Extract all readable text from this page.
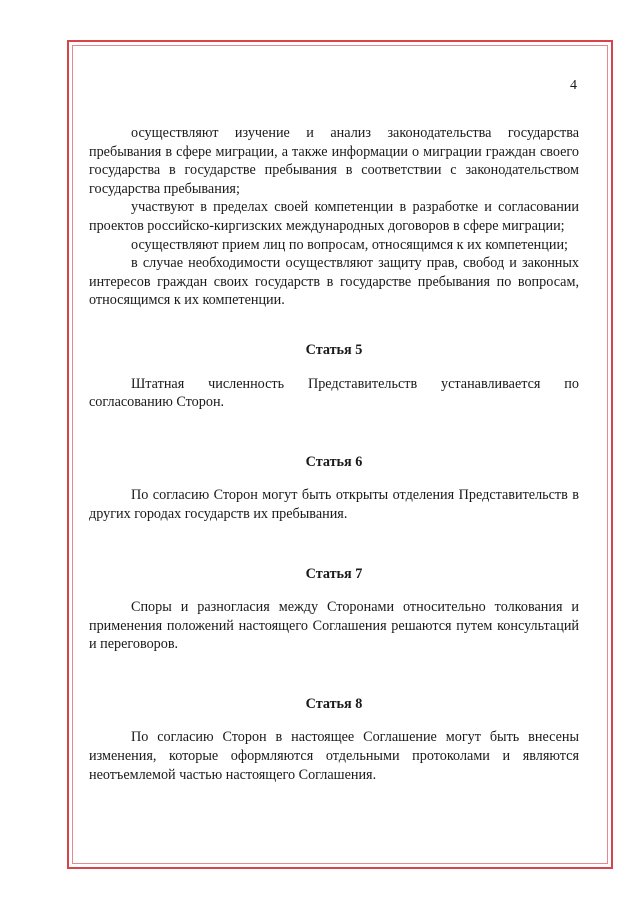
4

осуществляют изучение и анализ законодательства государства пребывания в сфере миграции, а также информации о миграции граждан своего государства в государстве пребывания в соответствии с законодательством государства пребывания;

участвуют в пределах своей компетенции в разработке и согласовании проектов российско-киргизских международных договоров в сфере миграции;

осуществляют прием лиц по вопросам, относящимся к их компетенции;

в случае необходимости осуществляют защиту прав, свобод и законных интересов граждан своих государств в государстве пребывания по вопросам, относящимся к их компетенции.

Статья 5

Штатная численность Представительств устанавливается по согласованию Сторон.

Статья 6

По согласию Сторон могут быть открыты отделения Представительств в других городах государств их пребывания.

Статья 7

Споры и разногласия между Сторонами относительно толкования и применения положений настоящего Соглашения решаются путем консультаций и переговоров.

Статья 8

По согласию Сторон в настоящее Соглашение могут быть внесены изменения, которые оформляются отдельными протоколами и являются неотъемлемой частью настоящего Соглашения.
